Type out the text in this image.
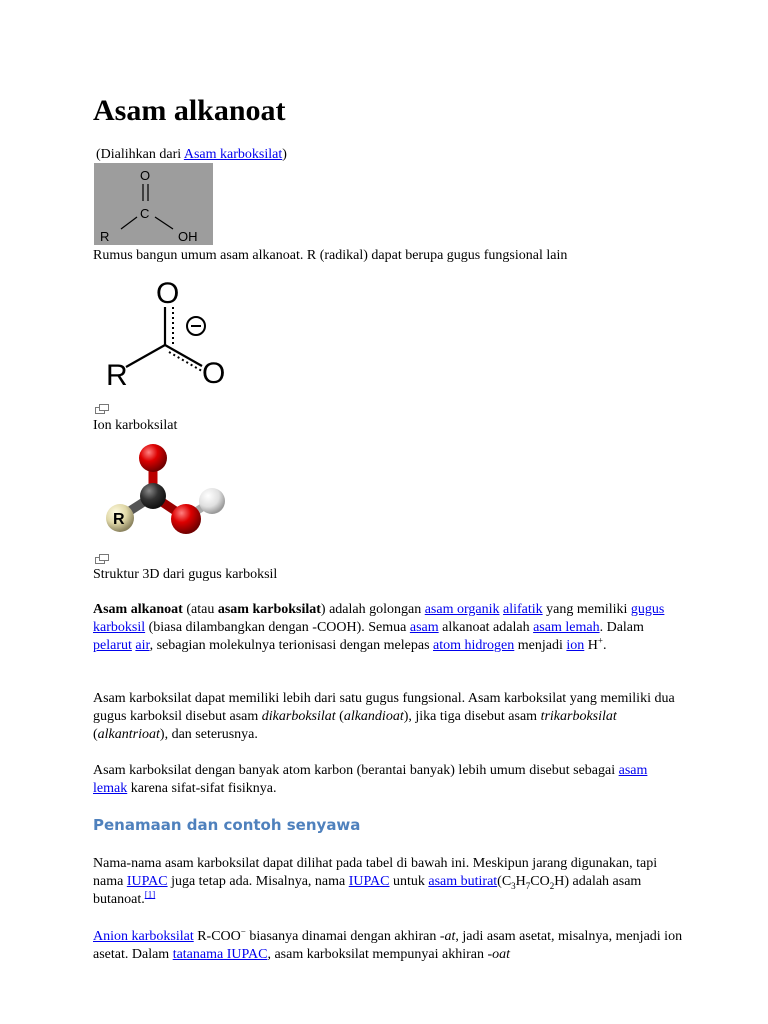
Asam alkanoat
(Dialihkan dari Asam karboksilat)
O
C
R	OH
Rumus bangun umum asam alkanoat. R (radikal) dapat berupa gugus fungsional lain
O
R O
Ion karboksilat
R
Struktur 3D dari gugus karboksil

Asam alkanoat (atau asam karboksilat) adalah golongan asam organik alifatik yang memiliki gugus karboksil (biasa dilambangkan dengan -COOH). Semua asam alkanoat adalah asam lemah. Dalam pelarut air, sebagian molekulnya terionisasi dengan melepas atom hidrogen menjadi ion H+.

Asam karboksilat dapat memiliki lebih dari satu gugus fungsional. Asam karboksilat yang memiliki dua gugus karboksil disebut asam dikarboksilat (alkandioat), jika tiga disebut asam trikarboksilat (alkantrioat), dan seterusnya.

Asam karboksilat dengan banyak atom karbon (berantai banyak) lebih umum disebut sebagai asam lemak karena sifat-sifat fisiknya.

Penamaan dan contoh senyawa

Nama-nama asam karboksilat dapat dilihat pada tabel di bawah ini. Meskipun jarang digunakan, tapi nama IUPAC juga tetap ada. Misalnya, nama IUPAC untuk asam $butirat(C_3H_7CO_2H)$ adalah asam butanoat.[1]

Anion karboksilat R-COO− biasanya dinamai dengan akhiran -at, jadi asam asetat, misalnya, menjadi ion asetat. Dalam tatanama IUPAC, asam karboksilat mempunyai akhiran -oat
